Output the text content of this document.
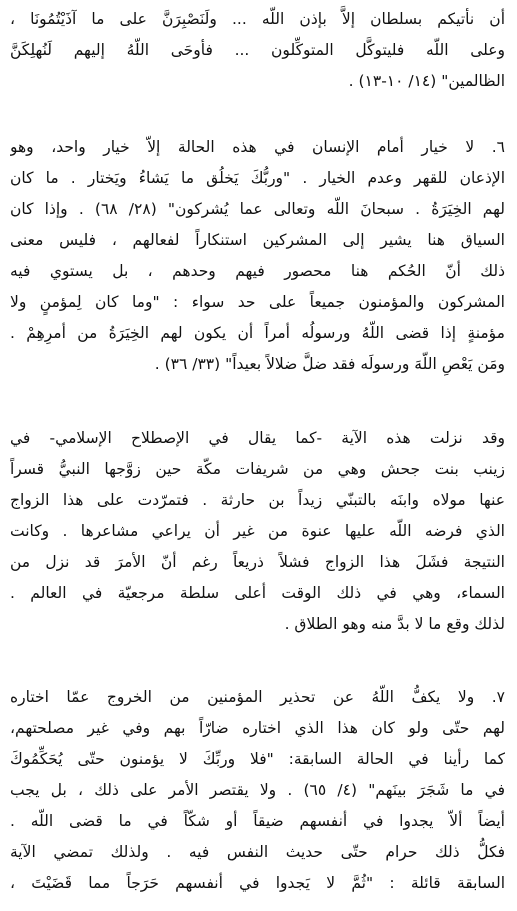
أن نأتيكم بسلطان إلاَّ بإذن اللّه ... ولَنَصْبِرَنَّ على ما آذَيْتُمُونَا ،
وعلى اللّه فليتوكَّل المتوكِّلون ... فأوحَى اللّهُ إليهم لَنُهلِكَنَّ
الظالمين" (١٤/ ١٠-١٣) .
٦. لا خيار أمام الإنسان في هذه الحالة إلاّ خيار واحد، وهو
الإذعان للقهر وعدم الخيار . "وربُّكَ يَخلُق ما يَشاءُ ويَختار . ما كان
لهم الخِيَرَةُ . سبحانَ اللّه وتعالى عما يُشركون" (٢٨/ ٦٨) . وإذا كان
السياق هنا يشير إلى المشركين استنكاراً لفعالهم ، فليس معنى
ذلك أنّ الحُكم هنا محصور فيهم وحدهم ، بل يستوي فيه
المشركون والمؤمنون جميعاً على حد سواء : "وما كان لِمؤمنٍ ولا
مؤمنةٍ إذا قضى اللّهُ ورسولُه أمراً أن يكون لهم الخِيَرَةُ من أمرِهِمْ .
ومَن يَعْصِ اللّهَ ورسولَه فقد ضلَّ ضلالاً بعيداً" (٣٣/ ٣٦) .
وقد نزلت هذه الآية -كما يقال في الإصطلاح الإسلامي- في
زينب بنت جحش وهي من شريفات مكّة حين زوَّجها النبيُّ قسراً
عنها مولاه وابنَه بالتبنّي زيداً بن حارثة . فتمرّدت على هذا الزواج
الذي فرضه اللّه عليها عنوة من غير أن يراعي مشاعرها . وكانت
النتيجة فشَلَ هذا الزواج فشلاً ذريعاً رغم أنّ الأمرَ قد نزل من
السماء، وهي في ذلك الوقت أعلى سلطة مرجعيّة في العالم .
لذلك وقع ما لا بدَّ منه وهو الطلاق .
٧. ولا يكفُّ اللّهُ عن تحذير المؤمنين من الخروج عمّا اختاره
لهم حتّى ولو كان هذا الذي اختاره ضارّاً بهم وفي غير مصلحتهم،
كما رأينا في الحالة السابقة: "فلا وربِّكَ لا يؤمنون حتّى يُحَكِّمُوكَ
في ما شَجَرَ بينَهم" (٤/ ٦٥) . ولا يقتصر الأمر على ذلك ، بل يجب
أيضاً ألاّ يجدوا في أنفسهم ضيقاً أو شكّاً في ما قضى اللّه .
فكلُّ ذلك حرام حتّى حديث النفس فيه . ولذلك تمضي الآية
السابقة قائلة : "ثُمَّ لا يَجدوا في أنفسهم حَرَجاً مما قَضَيْتَ ،
